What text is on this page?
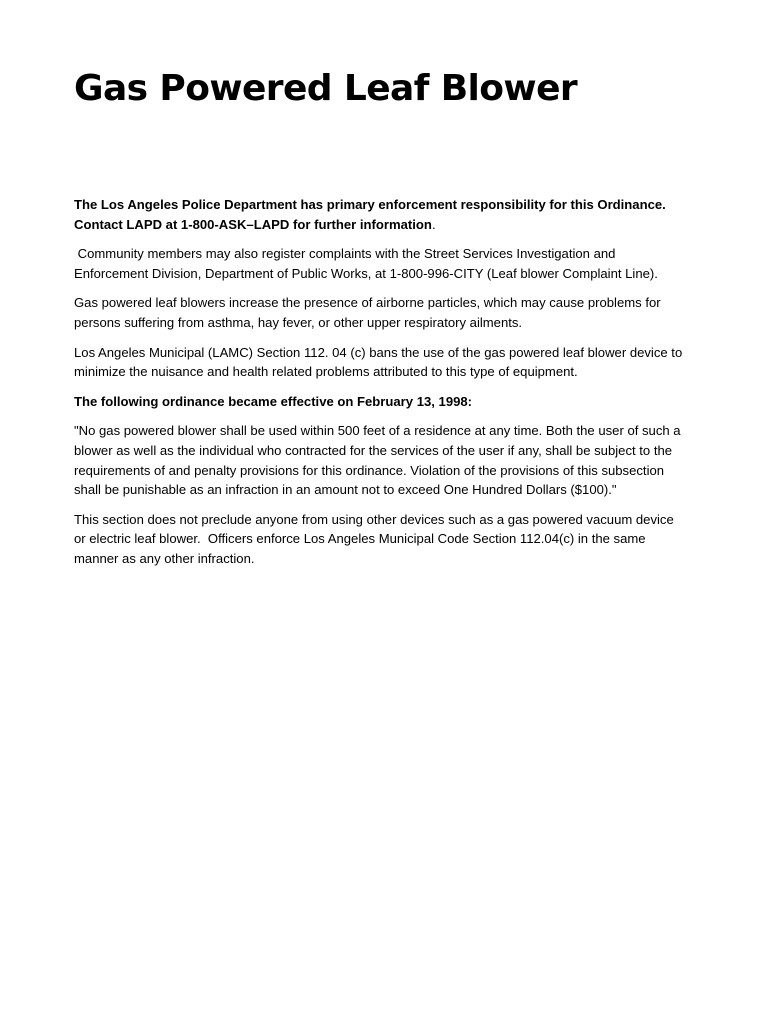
Gas Powered Leaf Blower

The Los Angeles Police Department has primary enforcement responsibility for this Ordinance.
Contact LAPD at 1-800-ASK–LAPD for further information.

Community members may also register complaints with the Street Services Investigation and
Enforcement Division, Department of Public Works, at 1-800-996-CITY (Leaf blower Complaint Line).

Gas powered leaf blowers increase the presence of airborne particles, which may cause problems for
persons suffering from asthma, hay fever, or other upper respiratory ailments.

Los Angeles Municipal (LAMC) Section 112. 04 (c) bans the use of the gas powered leaf blower device to
minimize the nuisance and health related problems attributed to this type of equipment.

The following ordinance became effective on February 13, 1998:

"No gas powered blower shall be used within 500 feet of a residence at any time. Both the user of such a
blower as well as the individual who contracted for the services of the user if any, shall be subject to the
requirements of and penalty provisions for this ordinance. Violation of the provisions of this subsection
shall be punishable as an infraction in an amount not to exceed One Hundred Dollars ($100)."

This section does not preclude anyone from using other devices such as a gas powered vacuum device
or electric leaf blower.  Officers enforce Los Angeles Municipal Code Section 112.04(c) in the same
manner as any other infraction.
